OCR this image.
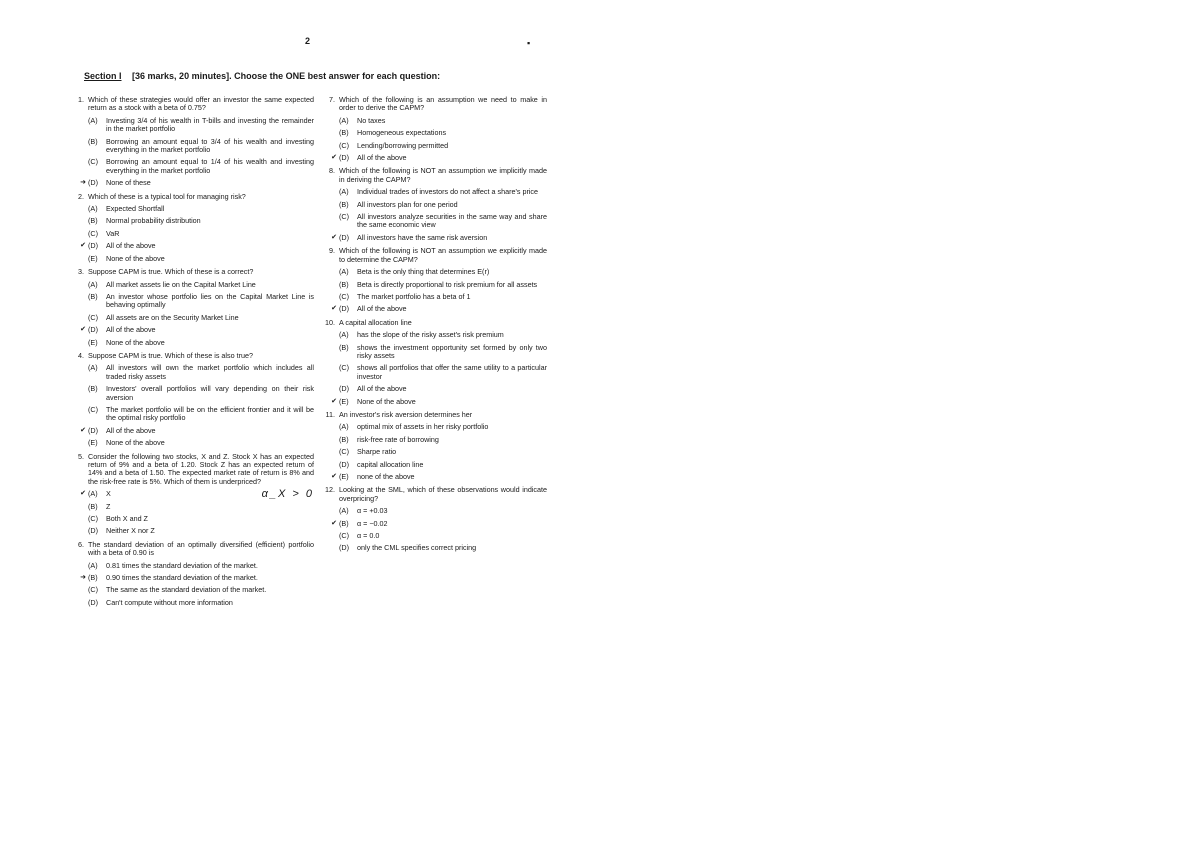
2	▪
Section I [36 marks, 20 minutes]. Choose the ONE best answer for each question:
1. Which of these strategies would offer an investor the same expected return as a stock with a beta of 0.75?
(A)	Investing 3/4 of his wealth in T-bills and investing the remainder in the market portfolio
(B)	Borrowing an amount equal to 3/4 of his wealth and investing everything in the market portfolio
(C)	Borrowing an amount equal to 1/4 of his wealth and investing everything in the market portfolio
➜ (D)	None of these
2. Which of these is a typical tool for managing risk?
(A)	Expected Shortfall
(B)	Normal probability distribution
(C)	VaR
✔ (D)	All of the above
(E)	None of the above
3. Suppose CAPM is true. Which of these is a correct?
(A)	All market assets lie on the Capital Market Line
(B)	An investor whose portfolio lies on the Capital Market Line is behaving optimally
(C)	All assets are on the Security Market Line
✔ (D)	All of the above
(E)	None of the above
4. Suppose CAPM is true. Which of these is also true?
(A)	All investors will own the market portfolio which includes all traded risky assets
(B)	Investors' overall portfolios will vary depending on their risk aversion
(C)	The market portfolio will be on the efficient frontier and it will be the optimal risky portfolio
✔ (D)	All of the above
(E)	None of the above
5. Consider the following two stocks, X and Z. Stock X has an expected return of 9% and a beta of 1.20. Stock Z has an expected return of 14% and a beta of 1.50. The expected market rate of return is 8% and the risk-free rate is 5%. Which of them is underpriced?
✔ (A)	X	α_X > 0
(B)	Z
(C)	Both X and Z
(D)	Neither X nor Z
6. The standard deviation of an optimally diversified (efficient) portfolio with a beta of 0.90 is
(A)	0.81 times the standard deviation of the market.
➜ (B)	0.90 times the standard deviation of the market.
(C)	The same as the standard deviation of the market.
(D)	Can't compute without more information
7. Which of the following is an assumption we need to make in order to derive the CAPM?
(A)	No taxes
(B)	Homogeneous expectations
(C)	Lending/borrowing permitted
✔ (D)	All of the above
8. Which of the following is NOT an assumption we implicitly made in deriving the CAPM?
(A)	Individual trades of investors do not affect a share's price
(B)	All investors plan for one period
(C)	All investors analyze securities in the same way and share the same economic view
✔ (D)	All investors have the same risk aversion
9. Which of the following is NOT an assumption we explicitly made to determine the CAPM?
(A)	Beta is the only thing that determines E(r)
(B)	Beta is directly proportional to risk premium for all assets
(C)	The market portfolio has a beta of 1
✔ (D)	All of the above
10. A capital allocation line
(A)	has the slope of the risky asset's risk premium
(B)	shows the investment opportunity set formed by only two risky assets
(C)	shows all portfolios that offer the same utility to a particular investor
(D)	All of the above
✔ (E)	None of the above
11. An investor's risk aversion determines her
(A)	optimal mix of assets in her risky portfolio
(B)	risk-free rate of borrowing
(C)	Sharpe ratio
(D)	capital allocation line
✔ (E)	none of the above
12. Looking at the SML, which of these observations would indicate overpricing?
(A)	α = +0.03
✔ (B)	α = −0.02
(C)	α = 0.0
(D)	only the CML specifies correct pricing
